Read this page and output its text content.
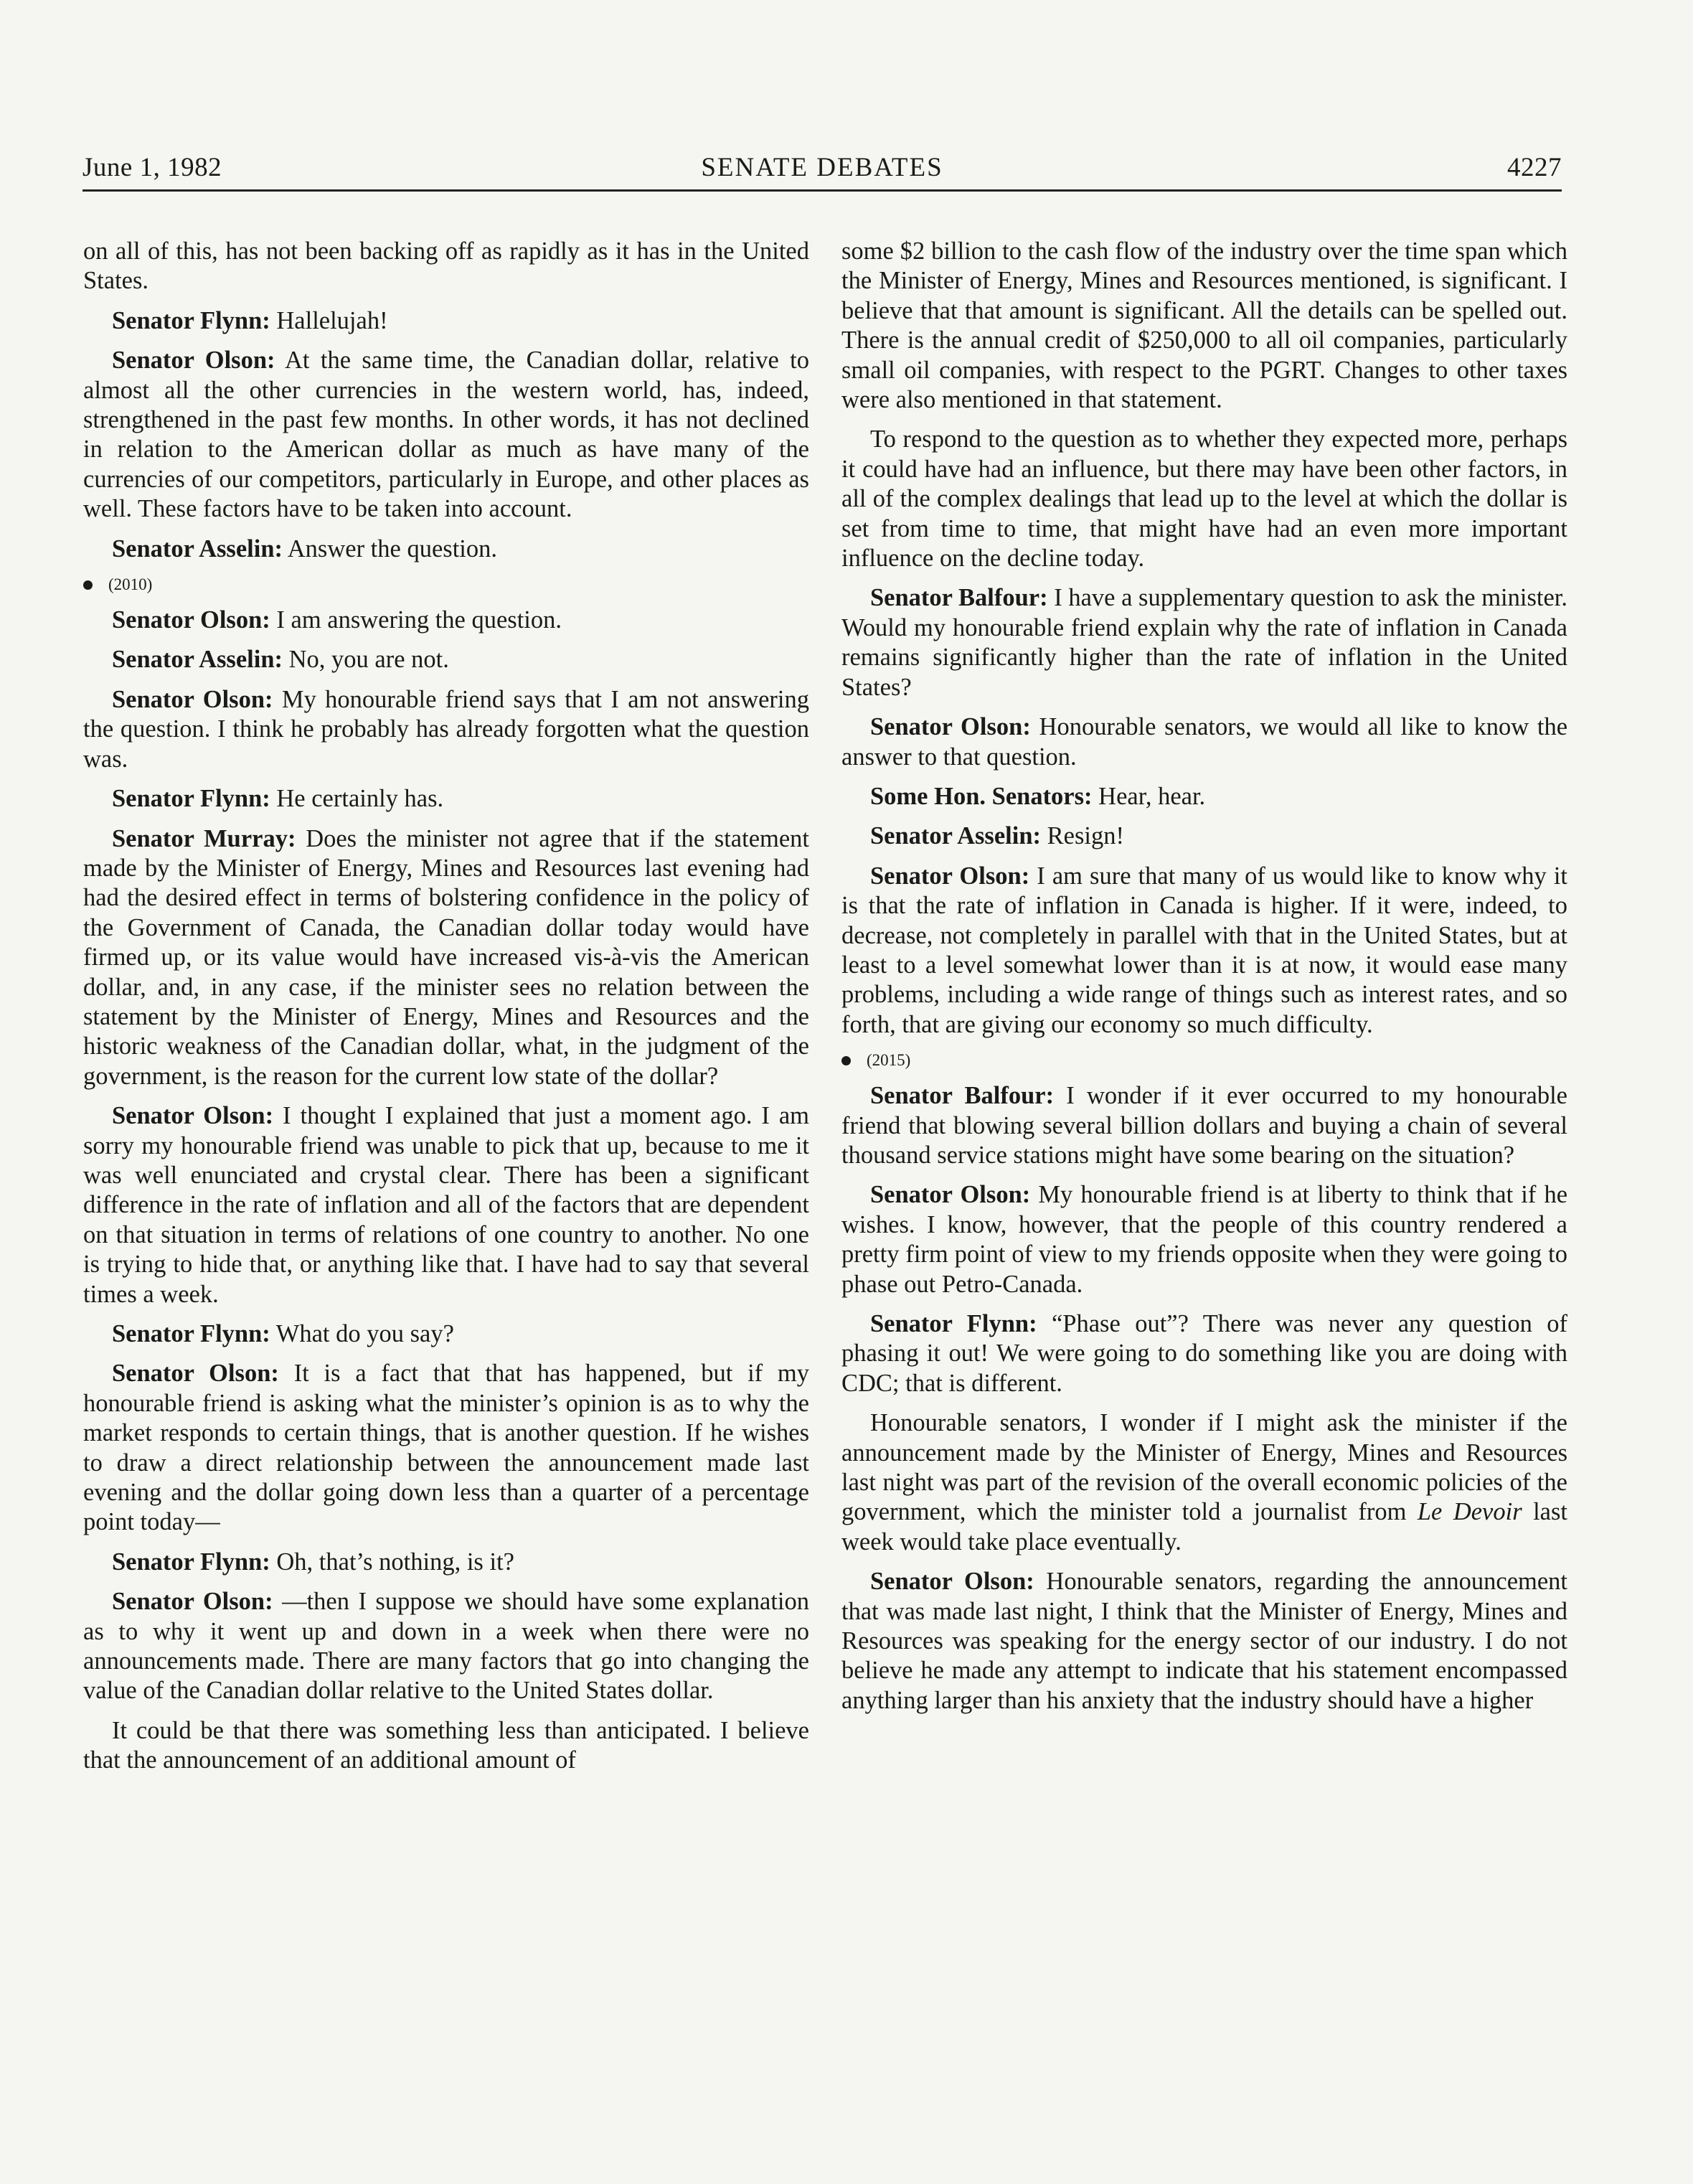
June 1, 1982	SENATE DEBATES	4227

on all of this, has not been backing off as rapidly as it has in the United States.

Senator Flynn: Hallelujah!

Senator Olson: At the same time, the Canadian dollar, relative to almost all the other currencies in the western world, has, indeed, strengthened in the past few months. In other words, it has not declined in relation to the American dollar as much as have many of the currencies of our competitors, particularly in Europe, and other places as well. These factors have to be taken into account.

Senator Asselin: Answer the question.

(2010)

Senator Olson: I am answering the question.

Senator Asselin: No, you are not.

Senator Olson: My honourable friend says that I am not answering the question. I think he probably has already forgotten what the question was.

Senator Flynn: He certainly has.

Senator Murray: Does the minister not agree that if the statement made by the Minister of Energy, Mines and Resources last evening had had the desired effect in terms of bolstering confidence in the policy of the Government of Canada, the Canadian dollar today would have firmed up, or its value would have increased vis-à-vis the American dollar, and, in any case, if the minister sees no relation between the statement by the Minister of Energy, Mines and Resources and the historic weakness of the Canadian dollar, what, in the judgment of the government, is the reason for the current low state of the dollar?

Senator Olson: I thought I explained that just a moment ago. I am sorry my honourable friend was unable to pick that up, because to me it was well enunciated and crystal clear. There has been a significant difference in the rate of inflation and all of the factors that are dependent on that situation in terms of relations of one country to another. No one is trying to hide that, or anything like that. I have had to say that several times a week.

Senator Flynn: What do you say?

Senator Olson: It is a fact that that has happened, but if my honourable friend is asking what the minister’s opinion is as to why the market responds to certain things, that is another question. If he wishes to draw a direct relationship between the announcement made last evening and the dollar going down less than a quarter of a percentage point today—

Senator Flynn: Oh, that’s nothing, is it?

Senator Olson: —then I suppose we should have some explanation as to why it went up and down in a week when there were no announcements made. There are many factors that go into changing the value of the Canadian dollar relative to the United States dollar.

It could be that there was something less than anticipated. I believe that the announcement of an additional amount of

some $2 billion to the cash flow of the industry over the time span which the Minister of Energy, Mines and Resources mentioned, is significant. I believe that that amount is significant. All the details can be spelled out. There is the annual credit of $250,000 to all oil companies, particularly small oil companies, with respect to the PGRT. Changes to other taxes were also mentioned in that statement.

To respond to the question as to whether they expected more, perhaps it could have had an influence, but there may have been other factors, in all of the complex dealings that lead up to the level at which the dollar is set from time to time, that might have had an even more important influence on the decline today.

Senator Balfour: I have a supplementary question to ask the minister. Would my honourable friend explain why the rate of inflation in Canada remains significantly higher than the rate of inflation in the United States?

Senator Olson: Honourable senators, we would all like to know the answer to that question.

Some Hon. Senators: Hear, hear.

Senator Asselin: Resign!

Senator Olson: I am sure that many of us would like to know why it is that the rate of inflation in Canada is higher. If it were, indeed, to decrease, not completely in parallel with that in the United States, but at least to a level somewhat lower than it is at now, it would ease many problems, including a wide range of things such as interest rates, and so forth, that are giving our economy so much difficulty.

(2015)

Senator Balfour: I wonder if it ever occurred to my honourable friend that blowing several billion dollars and buying a chain of several thousand service stations might have some bearing on the situation?

Senator Olson: My honourable friend is at liberty to think that if he wishes. I know, however, that the people of this country rendered a pretty firm point of view to my friends opposite when they were going to phase out Petro-Canada.

Senator Flynn: “Phase out”? There was never any question of phasing it out! We were going to do something like you are doing with CDC; that is different.

Honourable senators, I wonder if I might ask the minister if the announcement made by the Minister of Energy, Mines and Resources last night was part of the revision of the overall economic policies of the government, which the minister told a journalist from Le Devoir last week would take place eventually.

Senator Olson: Honourable senators, regarding the announcement that was made last night, I think that the Minister of Energy, Mines and Resources was speaking for the energy sector of our industry. I do not believe he made any attempt to indicate that his statement encompassed anything larger than his anxiety that the industry should have a higher
